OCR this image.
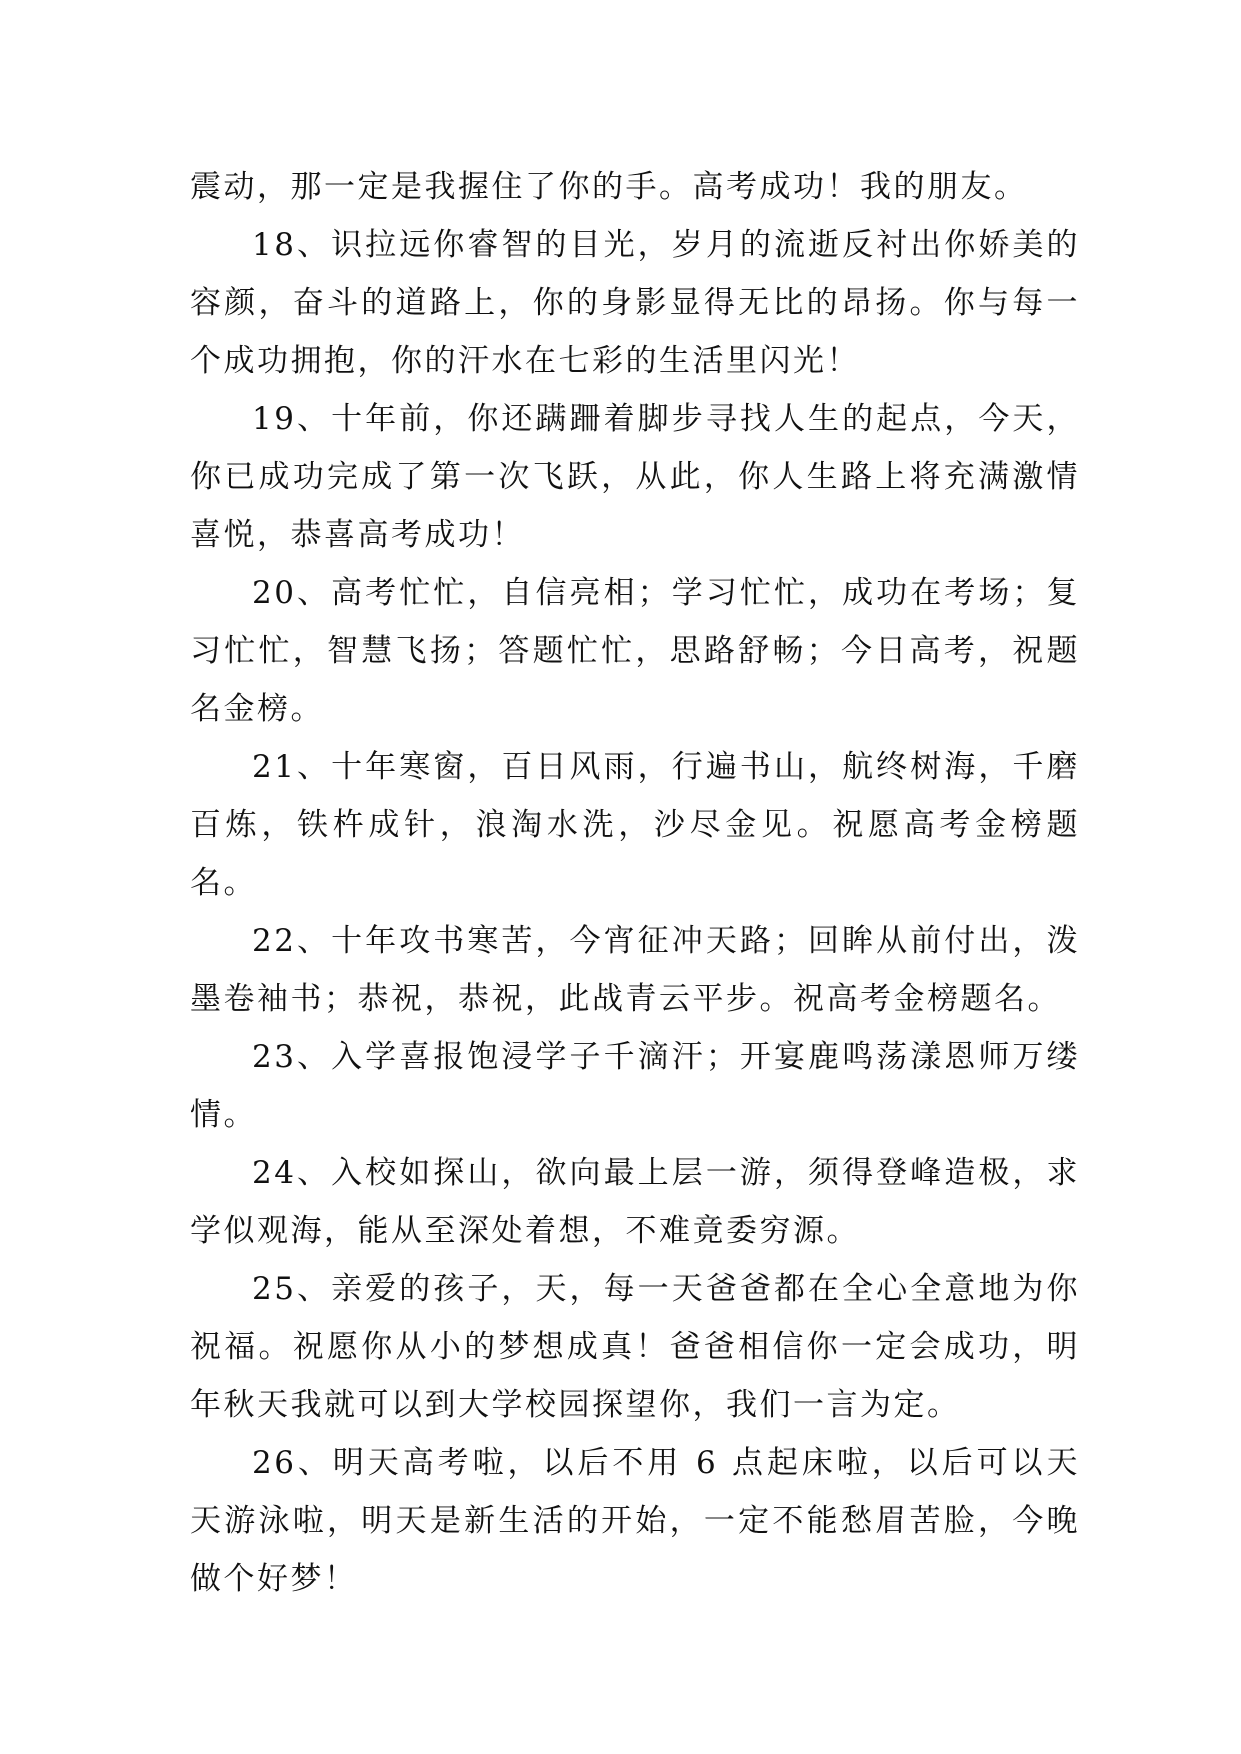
震动，那一定是我握住了你的手。高考成功！我的朋友。

18、识拉远你睿智的目光，岁月的流逝反衬出你娇美的容颜，奋斗的道路上，你的身影显得无比的昂扬。你与每一个成功拥抱，你的汗水在七彩的生活里闪光！

19、十年前，你还蹒跚着脚步寻找人生的起点，今天，你已成功完成了第一次飞跃，从此，你人生路上将充满激情喜悦，恭喜高考成功！

20、高考忙忙，自信亮相；学习忙忙，成功在考场；复习忙忙，智慧飞扬；答题忙忙，思路舒畅；今日高考，祝题名金榜。

21、十年寒窗，百日风雨，行遍书山，航终树海，千磨百炼，铁杵成针，浪淘水洗，沙尽金见。祝愿高考金榜题名。

22、十年攻书寒苦，今宵征冲天路；回眸从前付出，泼墨卷袖书；恭祝，恭祝，此战青云平步。祝高考金榜题名。

23、入学喜报饱浸学子千滴汗；开宴鹿鸣荡漾恩师万缕情。

24、入校如探山，欲向最上层一游，须得登峰造极，求学似观海，能从至深处着想，不难竟委穷源。

25、亲爱的孩子，天，每一天爸爸都在全心全意地为你祝福。祝愿你从小的梦想成真！爸爸相信你一定会成功，明年秋天我就可以到大学校园探望你，我们一言为定。

26、明天高考啦，以后不用 6 点起床啦，以后可以天天游泳啦，明天是新生活的开始，一定不能愁眉苦脸，今晚做个好梦！
